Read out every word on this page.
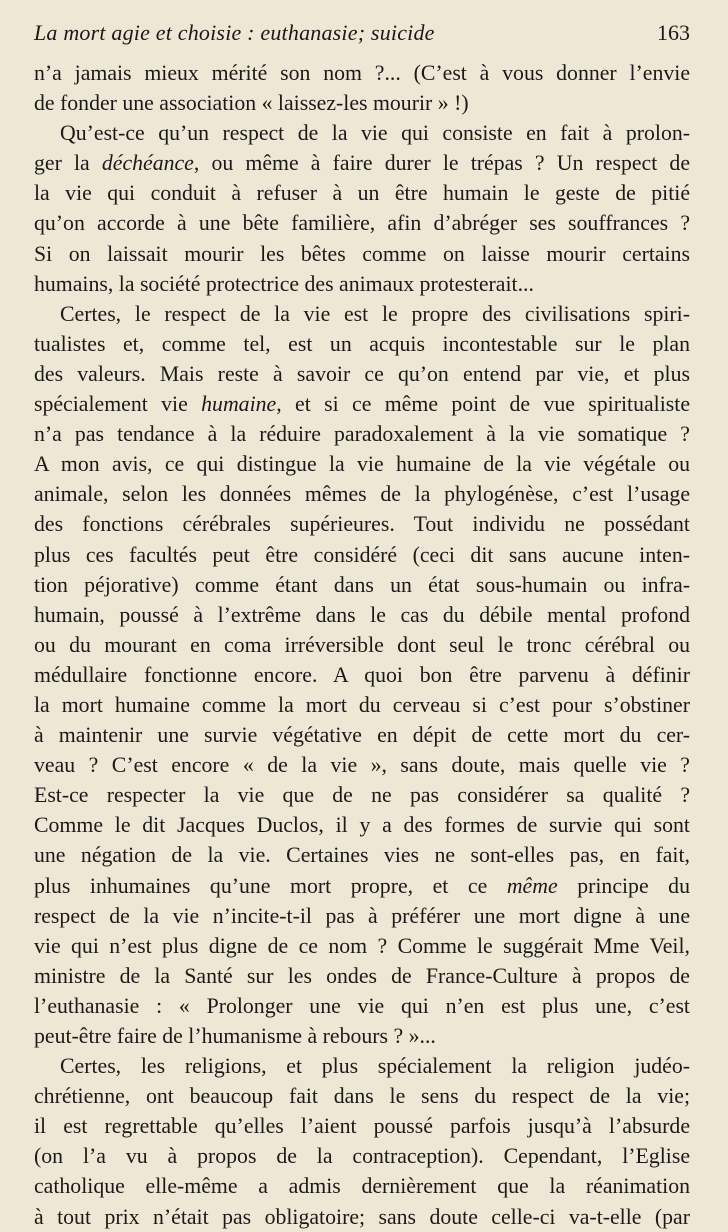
La mort agie et choisie : euthanasie; suicide	163
n’a jamais mieux mérité son nom ?... (C’est à vous donner l’envie
de fonder une association « laissez-les mourir » !)
Qu’est-ce qu’un respect de la vie qui consiste en fait à prolon-
ger la déchéance, ou même à faire durer le trépas ? Un respect de
la vie qui conduit à refuser à un être humain le geste de pitié
qu’on accorde à une bête familière, afin d’abréger ses souffrances ?
Si on laissait mourir les bêtes comme on laisse mourir certains
humains, la société protectrice des animaux protesterait...
Certes, le respect de la vie est le propre des civilisations spiri-
tualistes et, comme tel, est un acquis incontestable sur le plan
des valeurs. Mais reste à savoir ce qu’on entend par vie, et plus
spécialement vie humaine, et si ce même point de vue spiritualiste
n’a pas tendance à la réduire paradoxalement à la vie somatique ?
A mon avis, ce qui distingue la vie humaine de la vie végétale ou
animale, selon les données mêmes de la phylogénèse, c’est l’usage
des fonctions cérébrales supérieures. Tout individu ne possédant
plus ces facultés peut être considéré (ceci dit sans aucune inten-
tion péjorative) comme étant dans un état sous-humain ou infra-
humain, poussé à l’extrême dans le cas du débile mental profond
ou du mourant en coma irréversible dont seul le tronc cérébral ou
médullaire fonctionne encore. A quoi bon être parvenu à définir
la mort humaine comme la mort du cerveau si c’est pour s’obstiner
à maintenir une survie végétative en dépit de cette mort du cer-
veau ? C’est encore « de la vie », sans doute, mais quelle vie ?
Est-ce respecter la vie que de ne pas considérer sa qualité ?
Comme le dit Jacques Duclos, il y a des formes de survie qui sont
une négation de la vie. Certaines vies ne sont-elles pas, en fait,
plus inhumaines qu’une mort propre, et ce même principe du
respect de la vie n’incite-t-il pas à préférer une mort digne à une
vie qui n’est plus digne de ce nom ? Comme le suggérait Mme Veil,
ministre de la Santé sur les ondes de France-Culture à propos de
l’euthanasie : « Prolonger une vie qui n’en est plus une, c’est
peut-être faire de l’humanisme à rebours ? »...
Certes, les religions, et plus spécialement la religion judéo-
chrétienne, ont beaucoup fait dans le sens du respect de la vie;
il est regrettable qu’elles l’aient poussé parfois jusqu’à l’absurde
(on l’a vu à propos de la contraception). Cependant, l’Eglise
catholique elle-même a admis dernièrement que la réanimation
à tout prix n’était pas obligatoire; sans doute celle-ci va-t-elle (par
